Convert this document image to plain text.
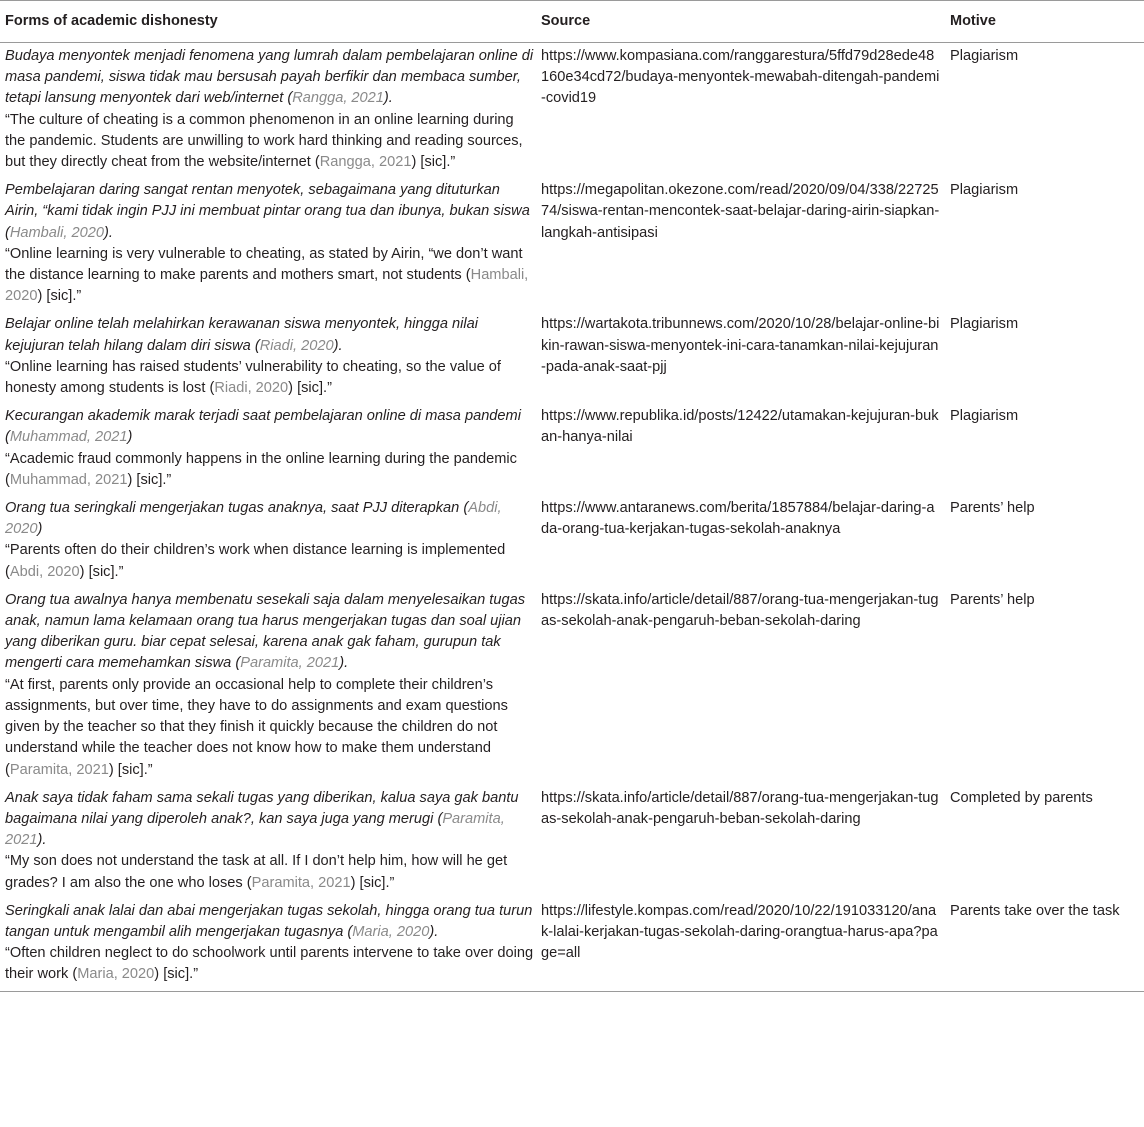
Forms of academic dishonesty	Source	Motive

Budaya menyontek menjadi fenomena yang lumrah dalam pembelajaran online di masa pandemi, siswa tidak mau bersusah payah berfikir dan membaca sumber, tetapi lansung menyontek dari web/internet (Rangga, 2021).
“The culture of cheating is a common phenomenon in an online learning during the pandemic. Students are unwilling to work hard thinking and reading sources, but they directly cheat from the website/internet (Rangga, 2021) [sic].”	https://www.kompasiana.com/ranggarestura/5ffd79d28ede48160e34cd72/budaya-menyontek-mewabah-ditengah-pandemi-covid19	Plagiarism

Pembelajaran daring sangat rentan menyotek, sebagaimana yang dituturkan Airin, “kami tidak ingin PJJ ini membuat pintar orang tua dan ibunya, bukan siswa (Hambali, 2020).
“Online learning is very vulnerable to cheating, as stated by Airin, “we don’t want the distance learning to make parents and mothers smart, not students (Hambali, 2020) [sic].”	https://megapolitan.okezone.com/read/2020/09/04/338/2272574/siswa-rentan-mencontek-saat-belajar-daring-airin-siapkan-langkah-antisipasi	Plagiarism

Belajar online telah melahirkan kerawanan siswa menyontek, hingga nilai kejujuran telah hilang dalam diri siswa (Riadi, 2020).
“Online learning has raised students’ vulnerability to cheating, so the value of honesty among students is lost (Riadi, 2020) [sic].”	https://wartakota.tribunnews.com/2020/10/28/belajar-online-bikin-rawan-siswa-menyontek-ini-cara-tanamkan-nilai-kejujuran-pada-anak-saat-pjj	Plagiarism

Kecurangan akademik marak terjadi saat pembelajaran online di masa pandemi (Muhammad, 2021)
“Academic fraud commonly happens in the online learning during the pandemic (Muhammad, 2021) [sic].”	https://www.republika.id/posts/12422/utamakan-kejujuran-bukan-hanya-nilai	Plagiarism

Orang tua seringkali mengerjakan tugas anaknya, saat PJJ diterapkan (Abdi, 2020)
“Parents often do their children’s work when distance learning is implemented (Abdi, 2020) [sic].”	https://www.antaranews.com/berita/1857884/belajar-daring-ada-orang-tua-kerjakan-tugas-sekolah-anaknya	Parents’ help

Orang tua awalnya hanya membenatu sesekali saja dalam menyelesaikan tugas anak, namun lama kelamaan orang tua harus mengerjakan tugas dan soal ujian yang diberikan guru. biar cepat selesai, karena anak gak faham, gurupun tak mengerti cara memehamkan siswa (Paramita, 2021).
“At first, parents only provide an occasional help to complete their children’s assignments, but over time, they have to do assignments and exam questions given by the teacher so that they finish it quickly because the children do not understand while the teacher does not know how to make them understand (Paramita, 2021) [sic].”	https://skata.info/article/detail/887/orang-tua-mengerjakan-tugas-sekolah-anak-pengaruh-beban-sekolah-daring	Parents’ help

Anak saya tidak faham sama sekali tugas yang diberikan, kalua saya gak bantu bagaimana nilai yang diperoleh anak?, kan saya juga yang merugi (Paramita, 2021).
“My son does not understand the task at all. If I don’t help him, how will he get grades? I am also the one who loses (Paramita, 2021) [sic].”	https://skata.info/article/detail/887/orang-tua-mengerjakan-tugas-sekolah-anak-pengaruh-beban-sekolah-daring	Completed by parents

Seringkali anak lalai dan abai mengerjakan tugas sekolah, hingga orang tua turun tangan untuk mengambil alih mengerjakan tugasnya (Maria, 2020).
“Often children neglect to do schoolwork until parents intervene to take over doing their work (Maria, 2020) [sic].”	https://lifestyle.kompas.com/read/2020/10/22/191033120/anak-lalai-kerjakan-tugas-sekolah-daring-orangtua-harus-apa?page=all	Parents take over the task
